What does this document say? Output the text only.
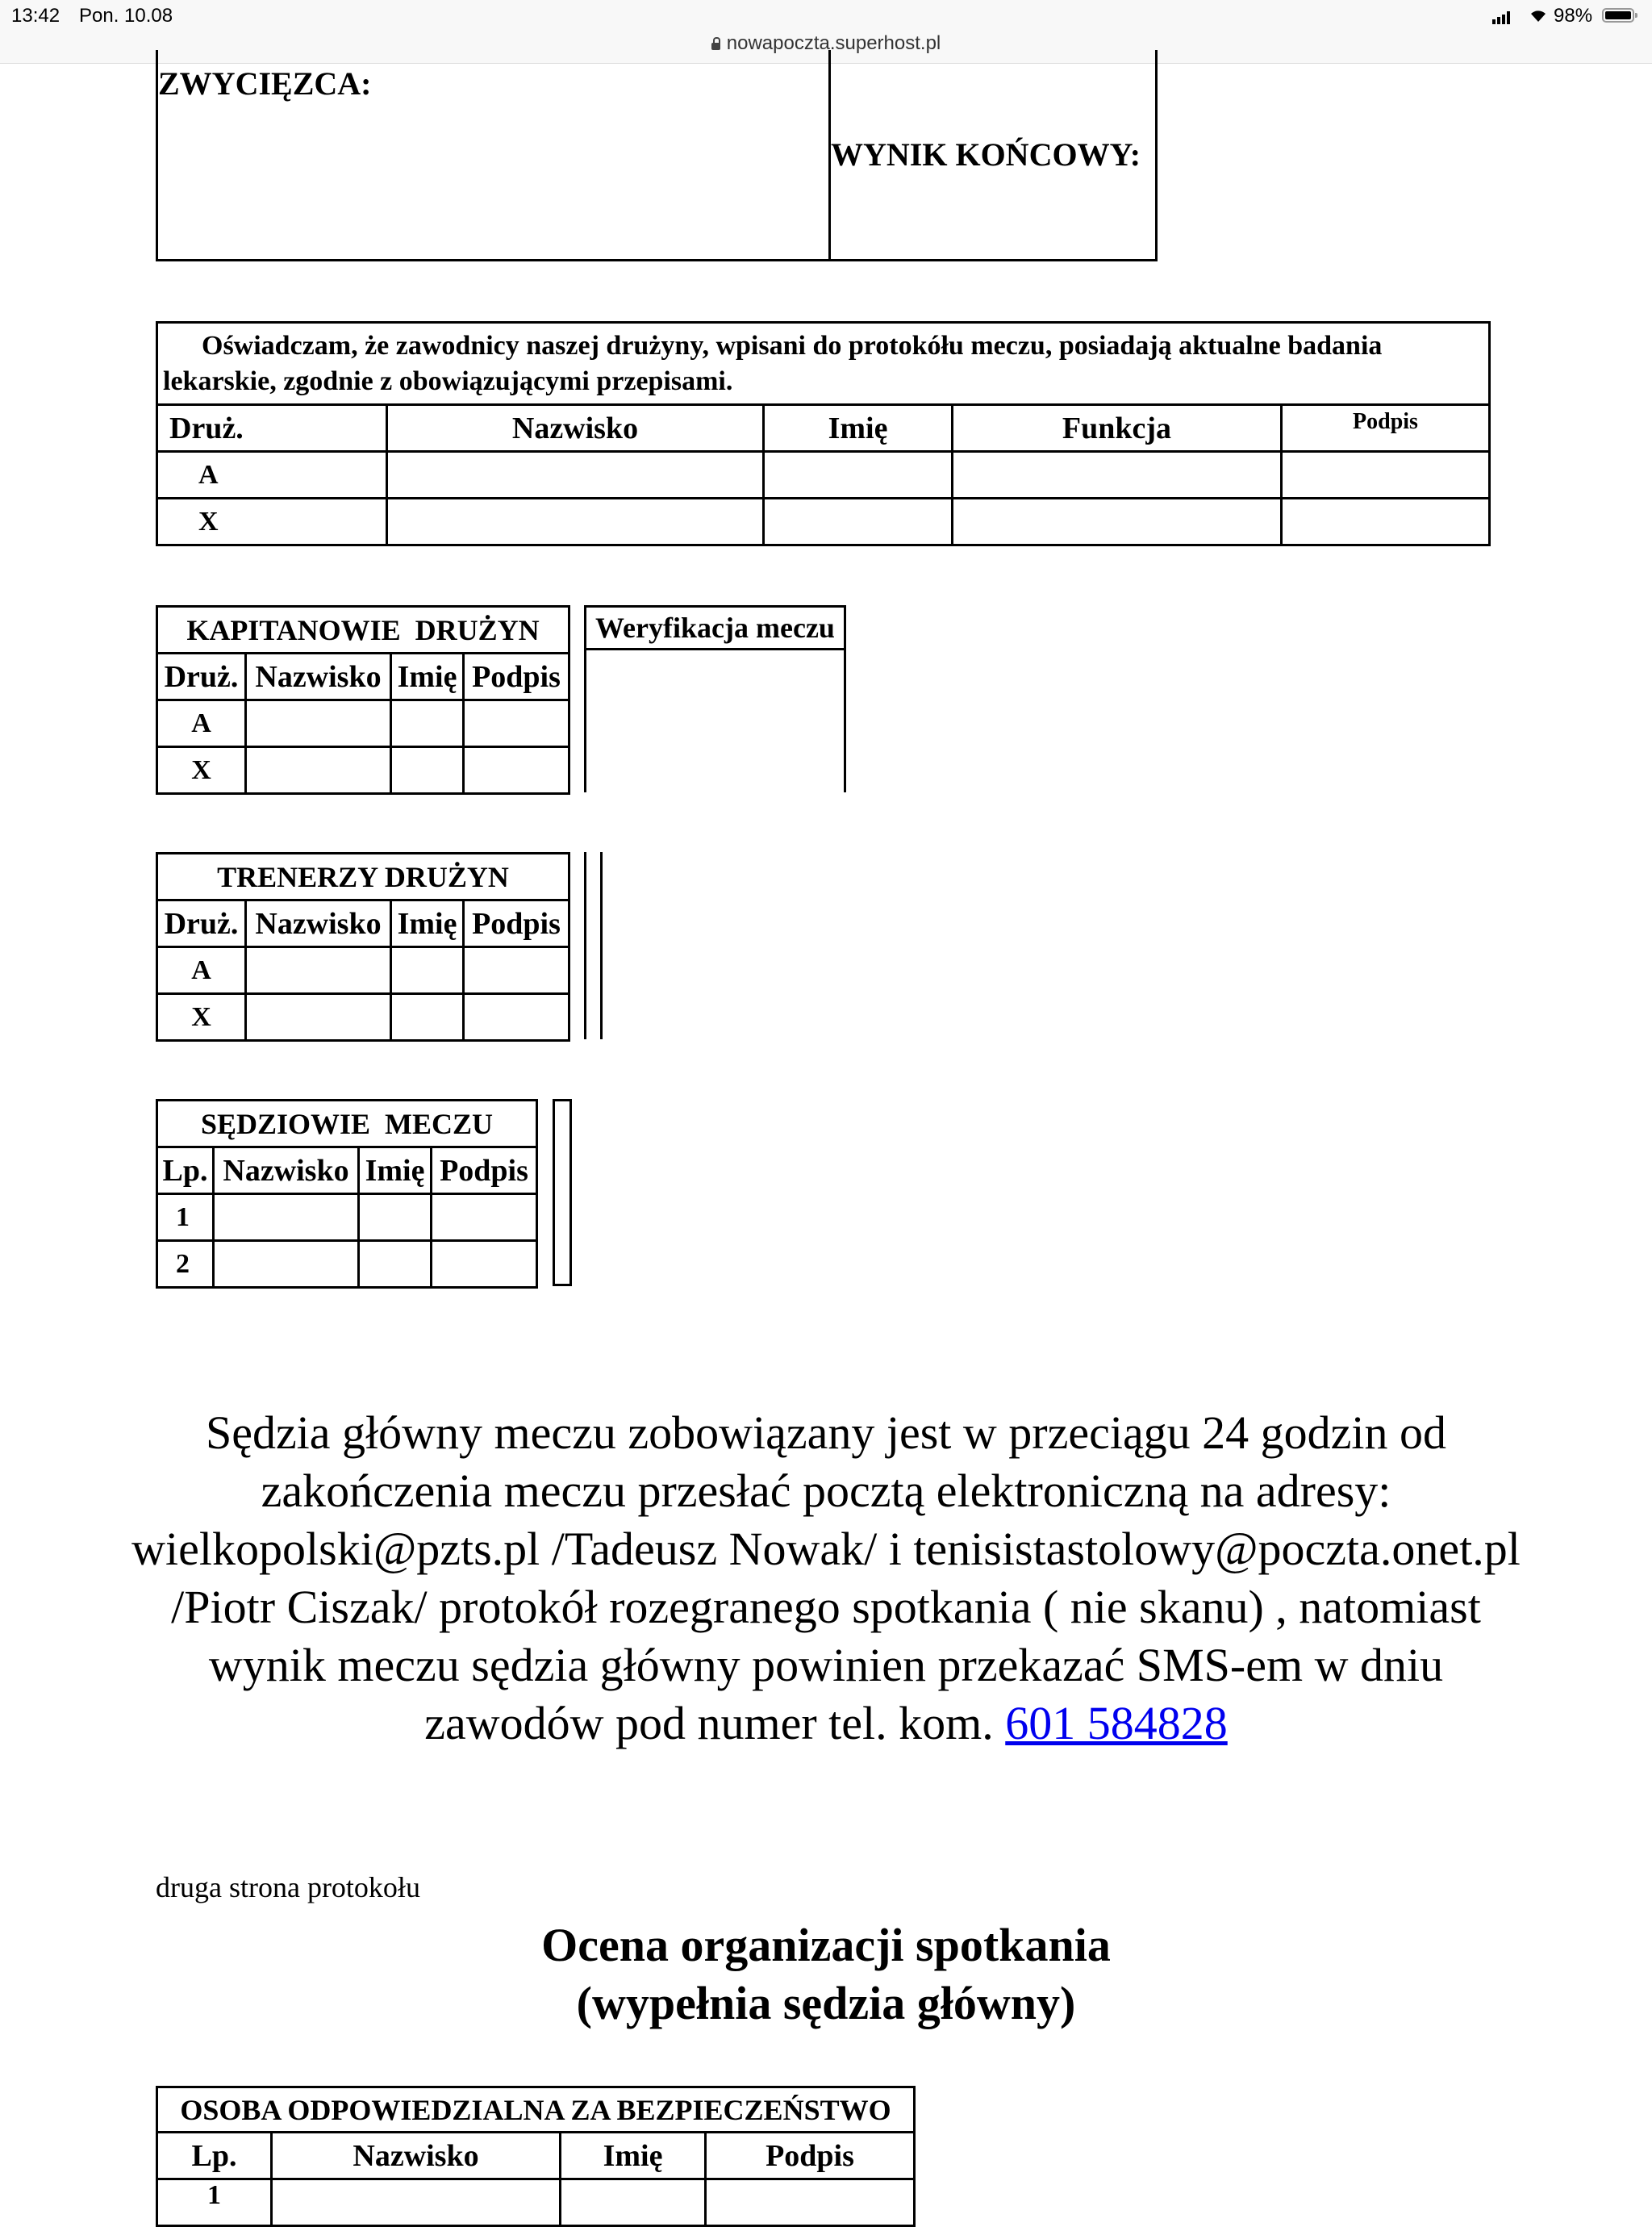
13:42 Pon. 10.08
nowapoczta.superhost.pl
98%
ZWYCIĘZCA:

WYNIK KOŃCOWY:
Oświadczam, że zawodnicy naszej drużyny, wpisani do protokółu meczu, posiadają aktualne badania lekarskie, zgodnie z obowiązującymi przepisami.				

Druż.	Nazwisko	Imię	Funkcja	Podpis
A				
X				
KAPITANOWIE  DRUŻYN			
Druż.	Nazwisko	Imię	Podpis
A			
X			
Weryfikacja meczu
TRENERZY DRUŻYN			
Druż.	Nazwisko	Imię	Podpis
A			
X			
SĘDZIOWIE  MECZU			
Lp.	Nazwisko	Imię	Podpis
1			
2			
Sędzia główny meczu zobowiązany jest w przeciągu 24 godzin od zakończenia meczu przesłać pocztą elektroniczną na adresy: wielkopolski@pzts.pl /Tadeusz Nowak/ i tenisistastolowy@poczta.onet.pl /Piotr Ciszak/ protokół rozegranego spotkania ( nie skanu) , natomiast wynik meczu sędzia główny powinien przekazać SMS-em w dniu zawodów pod numer tel. kom. 601 584828
druga strona protokołu
Ocena organizacji spotkania
(wypełnia sędzia główny)
OSOBA ODPOWIEDZIALNA ZA BEZPIECZEŃSTWO			
Lp.	Nazwisko	Imię	Podpis
1			
